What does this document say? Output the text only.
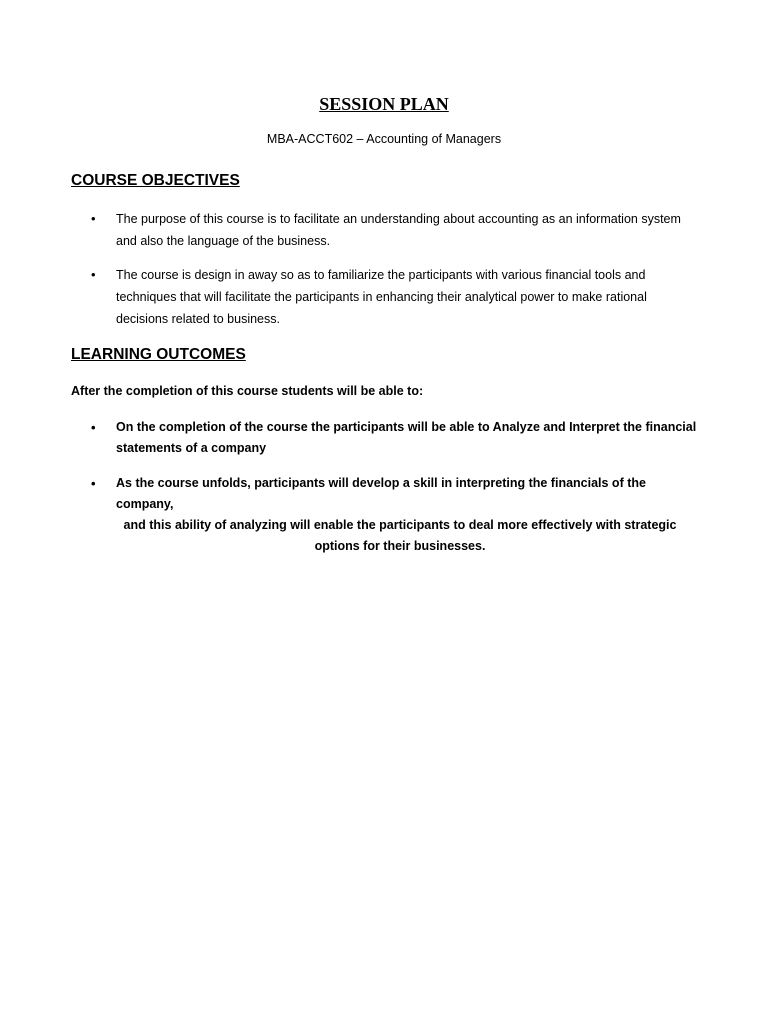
SESSION PLAN

MBA-ACCT602 – Accounting of Managers

COURSE OBJECTIVES
• The purpose of this course is to facilitate an understanding about accounting as an information system and also the language of the business.
• The course is design in away so as to familiarize the participants with various financial tools and techniques that will facilitate the participants in enhancing their analytical power to make rational decisions related to business.
LEARNING OUTCOMES

After the completion of this course students will be able to:

• On the completion of the course the participants will be able to Analyze and Interpret the financial statements of a company
• As the course unfolds, participants will develop a skill in interpreting the financials of the company,
and this ability of analyzing will enable the participants to deal more effectively with strategic
options for their businesses.
